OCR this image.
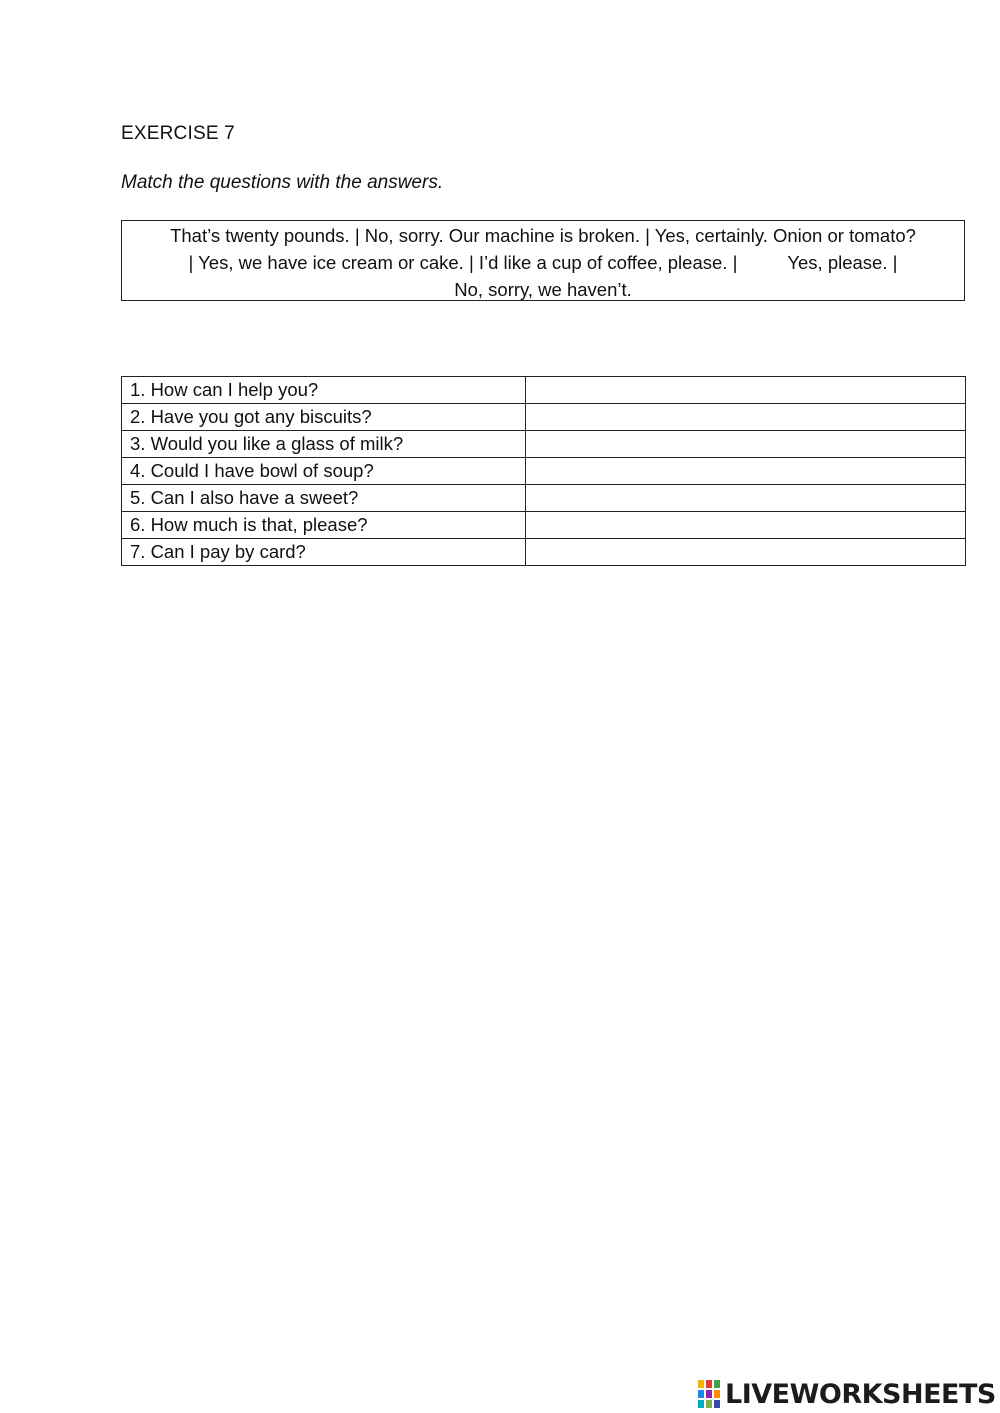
EXERCISE 7
Match the questions with the answers.
That’s twenty pounds. | No, sorry. Our machine is broken. | Yes, certainly. Onion or tomato?
| Yes, we have ice cream or cake. | I’d like a cup of coffee, please. |	Yes, please. |
No, sorry, we haven’t.
1. How can I help you?	
2. Have you got any biscuits?	
3. Would you like a glass of milk?	
4. Could I have bowl of soup?	
5. Can I also have a sweet?	
6. How much is that, please?	
7. Can I pay by card?	
LIVEWORKSHEETS
